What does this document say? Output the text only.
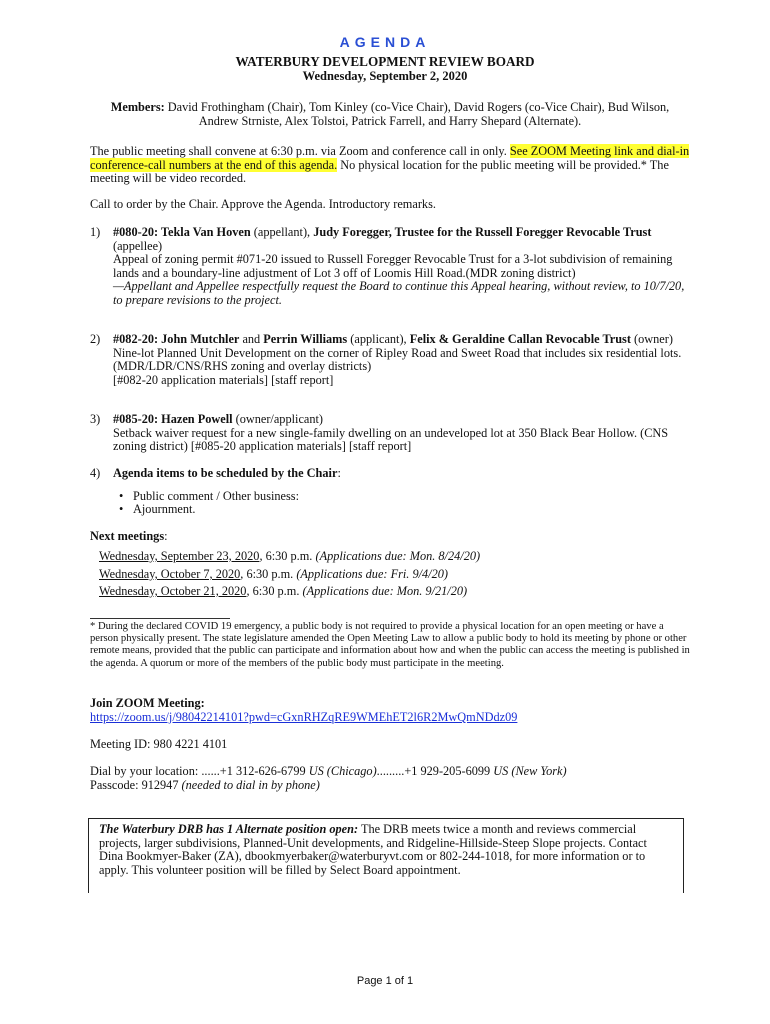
AGENDA
WATERBURY DEVELOPMENT REVIEW BOARD
Wednesday, September 2, 2020
Members: David Frothingham (Chair), Tom Kinley (co-Vice Chair), David Rogers (co-Vice Chair), Bud Wilson, Andrew Strniste, Alex Tolstoi, Patrick Farrell, and Harry Shepard (Alternate).
The public meeting shall convene at 6:30 p.m. via Zoom and conference call in only. See ZOOM Meeting link and dial-in conference-call numbers at the end of this agenda. No physical location for the public meeting will be provided.* The meeting will be video recorded.
Call to order by the Chair. Approve the Agenda. Introductory remarks.
1) #080-20: Tekla Van Hoven (appellant), Judy Foregger, Trustee for the Russell Foregger Revocable Trust (appellee)
Appeal of zoning permit #071-20 issued to Russell Foregger Revocable Trust for a 3-lot subdivision of remaining lands and a boundary-line adjustment of Lot 3 off of Loomis Hill Road.(MDR zoning district)
—Appellant and Appellee respectfully request the Board to continue this Appeal hearing, without review, to 10/7/20, to prepare revisions to the project.
2) #082-20: John Mutchler and Perrin Williams (applicant), Felix & Geraldine Callan Revocable Trust (owner)
Nine-lot Planned Unit Development on the corner of Ripley Road and Sweet Road that includes six residential lots. (MDR/LDR/CNS/RHS zoning and overlay districts)
[#082-20 application materials] [staff report]
3) #085-20: Hazen Powell (owner/applicant)
Setback waiver request for a new single-family dwelling on an undeveloped lot at 350 Black Bear Hollow. (CNS zoning district) [#085-20 application materials] [staff report]
4) Agenda items to be scheduled by the Chair:
• Public comment / Other business:
• Ajournment.
Next meetings:
Wednesday, September 23, 2020, 6:30 p.m. (Applications due: Mon. 8/24/20)
Wednesday, October 7, 2020, 6:30 p.m. (Applications due: Fri. 9/4/20)
Wednesday, October 21, 2020, 6:30 p.m. (Applications due: Mon. 9/21/20)
* During the declared COVID 19 emergency, a public body is not required to provide a physical location for an open meeting or have a person physically present. The state legislature amended the Open Meeting Law to allow a public body to hold its meeting by phone or other remote means, provided that the public can participate and information about how and when the public can access the meeting is published in the agenda. A quorum or more of the members of the public body must participate in the meeting.
Join ZOOM Meeting:
https://zoom.us/j/98042214101?pwd=cGxnRHZqRE9WMEhET2l6R2MwQmNDdz09
Meeting ID: 980 4221 4101
Dial by your location: ......+1 312-626-6799 US (Chicago).........+1 929-205-6099 US (New York)
Passcode: 912947 (needed to dial in by phone)
The Waterbury DRB has 1 Alternate position open: The DRB meets twice a month and reviews commercial projects, larger subdivisions, Planned-Unit developments, and Ridgeline-Hillside-Steep Slope projects. Contact Dina Bookmyer-Baker (ZA), dbookmyerbaker@waterburyvt.com or 802-244-1018, for more information or to apply. This volunteer position will be filled by Select Board appointment.
Page 1 of 1
